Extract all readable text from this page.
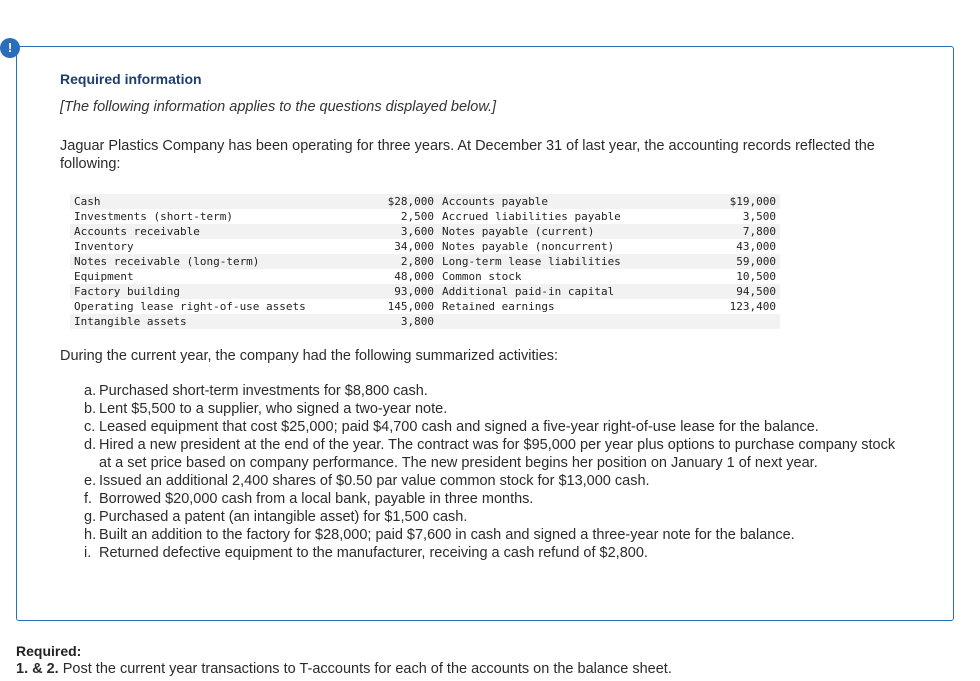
!
Required information
[The following information applies to the questions displayed below.]
Jaguar Plastics Company has been operating for three years. At December 31 of last year, the accounting records reflected the following:
Cash	$28,000	Accounts payable	$19,000
Investments (short-term)	2,500	Accrued liabilities payable	3,500
Accounts receivable	3,600	Notes payable (current)	7,800
Inventory	34,000	Notes payable (noncurrent)	43,000
Notes receivable (long-term)	2,800	Long-term lease liabilities	59,000
Equipment	48,000	Common stock	10,500
Factory building	93,000	Additional paid-in capital	94,500
Operating lease right-of-use assets	145,000	Retained earnings	123,400
Intangible assets	3,800		
During the current year, the company had the following summarized activities:
a. Purchased short-term investments for $8,800 cash.
b. Lent $5,500 to a supplier, who signed a two-year note.
c. Leased equipment that cost $25,000; paid $4,700 cash and signed a five-year right-of-use lease for the balance.
d. Hired a new president at the end of the year. The contract was for $95,000 per year plus options to purchase company stock at a set price based on company performance. The new president begins her position on January 1 of next year.
e. Issued an additional 2,400 shares of $0.50 par value common stock for $13,000 cash.
f. Borrowed $20,000 cash from a local bank, payable in three months.
g. Purchased a patent (an intangible asset) for $1,500 cash.
h. Built an addition to the factory for $28,000; paid $7,600 in cash and signed a three-year note for the balance.
i. Returned defective equipment to the manufacturer, receiving a cash refund of $2,800.
Required:
1. & 2. Post the current year transactions to T-accounts for each of the accounts on the balance sheet.
